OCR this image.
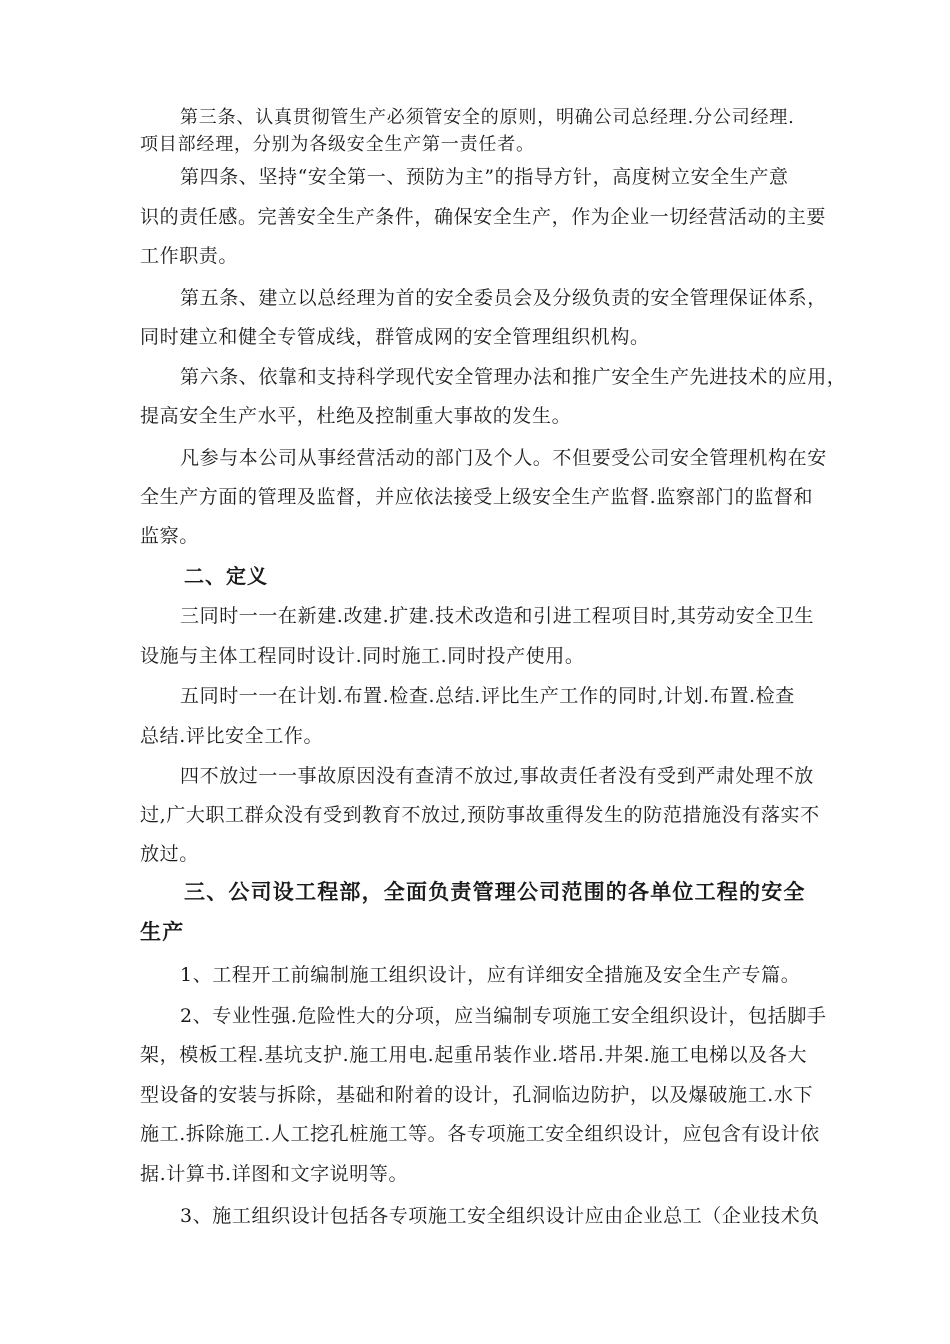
第三条、认真贯彻管生产必须管安全的原则，明确公司总经理.分公司经理.
项目部经理，分别为各级安全生产第一责任者。
第四条、坚持“安全第一、预防为主”的指导方针，高度树立安全生产意
识的责任感。完善安全生产条件，确保安全生产，作为企业一切经营活动的主要
工作职责。
第五条、建立以总经理为首的安全委员会及分级负责的安全管理保证体系，
同时建立和健全专管成线，群管成网的安全管理组织机构。
第六条、依靠和支持科学现代安全管理办法和推广安全生产先进技术的应用，
提高安全生产水平，杜绝及控制重大事故的发生。
凡参与本公司从事经营活动的部门及个人。不但要受公司安全管理机构在安
全生产方面的管理及监督，并应依法接受上级安全生产监督.监察部门的监督和
监察。
二、定义
三同时一一在新建.改建.扩建.技术改造和引进工程项目时,其劳动安全卫生
设施与主体工程同时设计.同时施工.同时投产使用。
五同时一一在计划.布置.检查.总结.评比生产工作的同时,计划.布置.检查
总结.评比安全工作。
四不放过一一事故原因没有查清不放过,事故责任者没有受到严肃处理不放
过,广大职工群众没有受到教育不放过,预防事故重得发生的防范措施没有落实不
放过。
三、公司设工程部，全面负责管理公司范围的各单位工程的安全
生产
1、工程开工前编制施工组织设计，应有详细安全措施及安全生产专篇。
2、专业性强.危险性大的分项，应当编制专项施工安全组织设计，包括脚手
架，模板工程.基坑支护.施工用电.起重吊装作业.塔吊.井架.施工电梯以及各大
型设备的安装与拆除，基础和附着的设计，孔洞临边防护，以及爆破施工.水下
施工.拆除施工.人工挖孔桩施工等。各专项施工安全组织设计，应包含有设计依
据.计算书.详图和文字说明等。
3、施工组织设计包括各专项施工安全组织设计应由企业总工（企业技术负
